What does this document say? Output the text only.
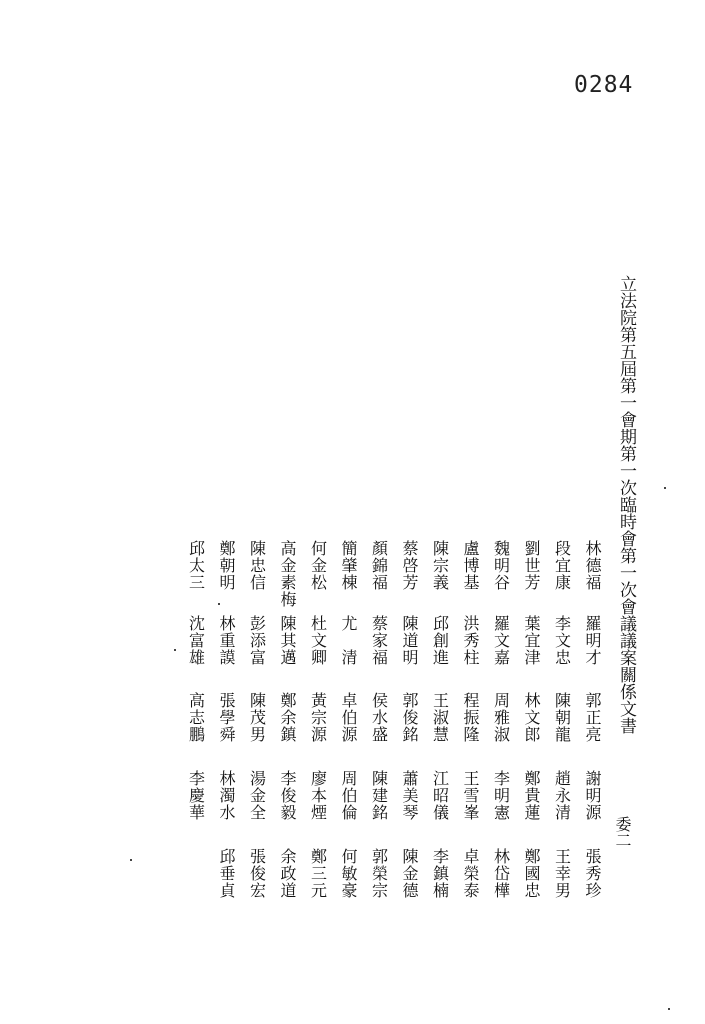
0284
立法院第五屆第一會期第一次臨時會第一次會議議案關係文書
委二
林德福
羅明才
郭正亮
謝明源
張秀珍
段宜康
李文忠
陳朝龍
趙永清
王幸男
劉世芳
葉宜津
林文郎
鄭貴蓮
鄭國忠
魏明谷
羅文嘉
周雅淑
李明憲
林岱樺
盧博基
洪秀柱
程振隆
王雪峯
卓榮泰
陳宗義
邱創進
王淑慧
江昭儀
李鎮楠
蔡啓芳
陳道明
郭俊銘
蕭美琴
陳金德
顏錦福
蔡家福
侯水盛
陳建銘
郭榮宗
簡肇棟
尤　清
卓伯源
周伯倫
何敏豪
何金松
杜文卿
黃宗源
廖本煙
鄭三元
高金素梅
陳其邁
鄭余鎮
李俊毅
余政道
陳忠信
彭添富
陳茂男
湯金全
張俊宏
鄭朝明
林重謨
張學舜
林濁水
邱垂貞
邱太三
沈富雄
高志鵬
李慶華
